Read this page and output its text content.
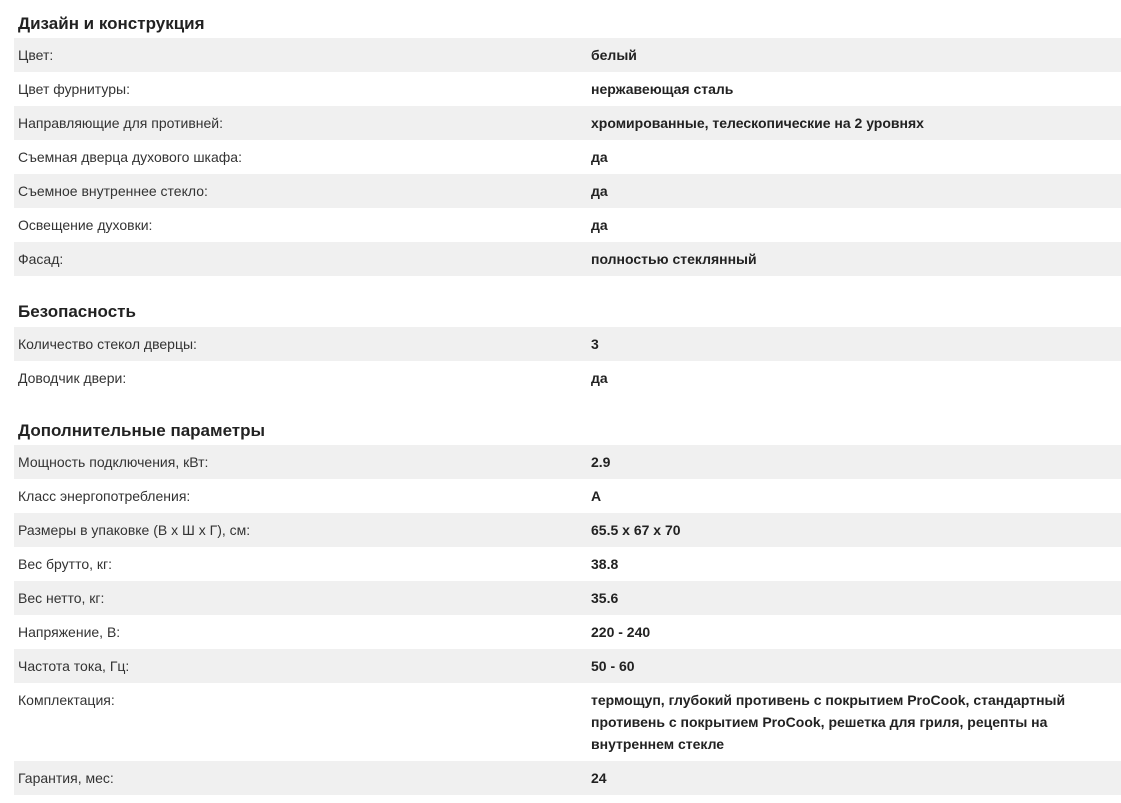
Дизайн и конструкция
Цвет:	белый
Цвет фурнитуры:	нержавеющая сталь
Направляющие для противней:	хромированные, телескопические на 2 уровнях
Съемная дверца духового шкафа:	да
Съемное внутреннее стекло:	да
Освещение духовки:	да
Фасад:	полностью стеклянный
Безопасность
Количество стекол дверцы:	3
Доводчик двери:	да
Дополнительные параметры
Мощность подключения, кВт:	2.9
Класс энергопотребления:	A
Размеры в упаковке (В x Ш x Г), см:	65.5 x 67 x 70
Вес брутто, кг:	38.8
Вес нетто, кг:	35.6
Напряжение, В:	220 - 240
Частота тока, Гц:	50 - 60
Комплектация:	термощуп, глубокий противень с покрытием ProCook, стандартный противень с покрытием ProCook, решетка для гриля, рецепты на внутреннем стекле
Гарантия, мес:	24
